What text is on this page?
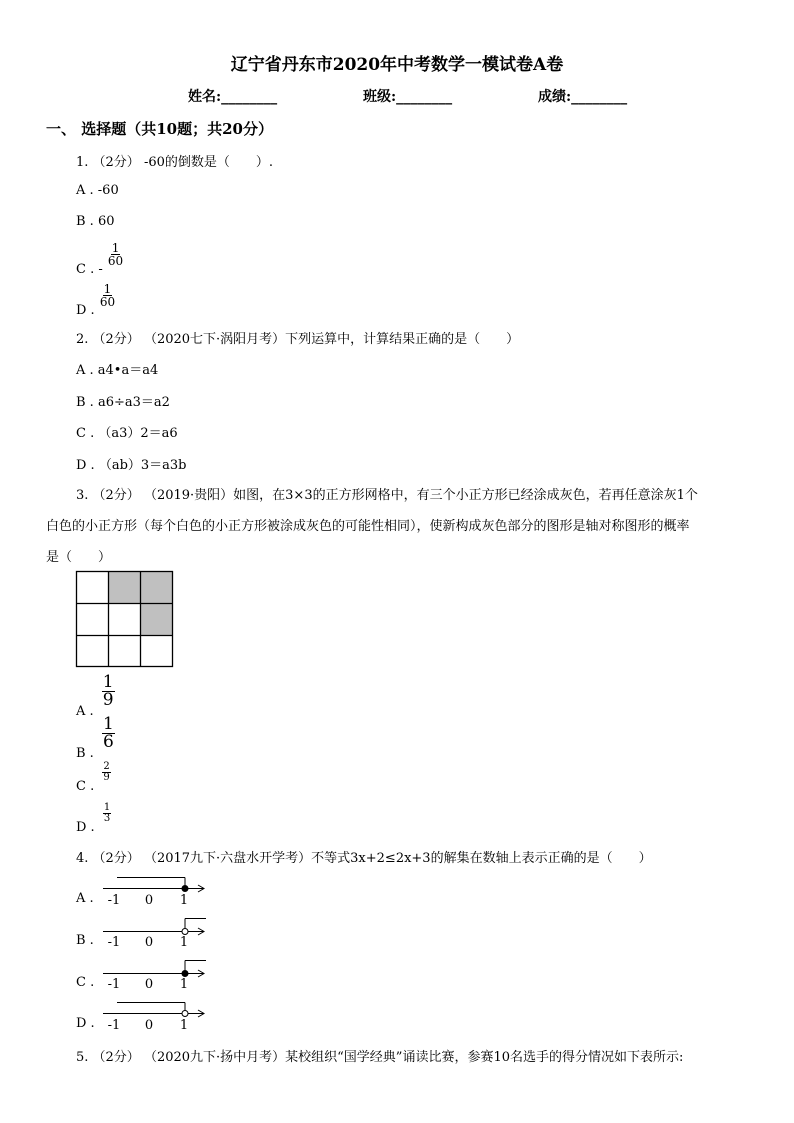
辽宁省丹东市2020年中考数学一模试卷A卷
姓名:________	班级:________	成绩:________
一、 选择题（共10题；共20分）
1. （2分） -60的倒数是（　　）.
A . -60
B . 60
C . -
$\frac{1}{60}$
D .
$\frac{1}{60}$
2. （2分） （2020七下·涡阳月考）下列运算中，计算结果正确的是（　　）
A . a4•a＝a4
B . a6÷a3＝a2
C . （a3）2＝a6
D . （ab）3＝a3b
3. （2分） （2019·贵阳）如图，在3×3的正方形网格中，有三个小正方形已经涂成灰色，若再任意涂灰1个
白色的小正方形（每个白色的小正方形被涂成灰色的可能性相同），使新构成灰色部分的图形是轴对称图形的概率
是（　　）
A .
$\frac{1}{9}$
B .
$\frac{1}{6}$
C .
$\frac{2}{9}$
D .
$\frac{1}{3}$
4. （2分） （2017九下·六盘水开学考）不等式3x+2≤2x+3的解集在数轴上表示正确的是（　　）
A .
B .
C .
D .
-1 0 1
-1 0 1
-1 0 1
-1 0 1
5. （2分） （2020九下·扬中月考）某校组织“国学经典”诵读比赛，参赛10名选手的得分情况如下表所示:
